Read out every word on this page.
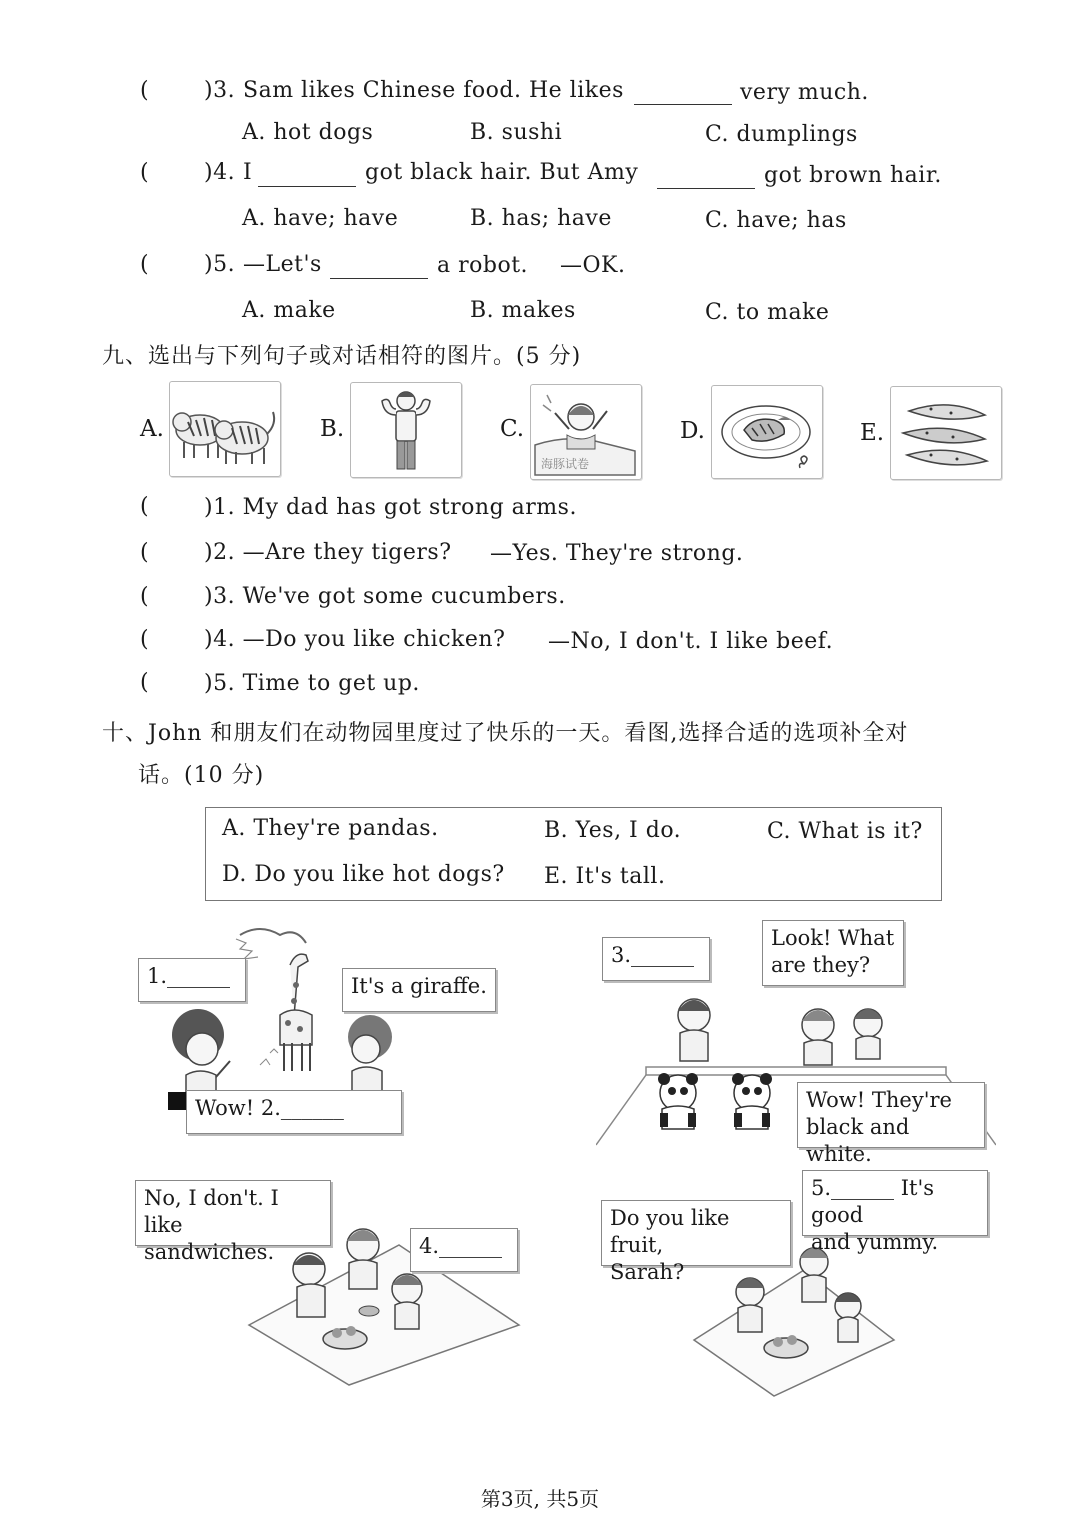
(	)3. Sam likes Chinese food. He likes	very much.
A. hot dogs	B. sushi	C. dumplings
(	)4. I	got black hair. But Amy	got brown hair.
A. have; have	B. has; have	C. have; has
(	)5. —Let's	a robot. —OK.
A. make	B. makes	C. to make
九、选出与下列句子或对话相符的图片。(5 分)
A.	B.	C.
海豚试卷
D.	E.
(	)1. My dad has got strong arms.
(	)2. —Are they tigers? —Yes. They're strong.
(	)3. We've got some cucumbers.
(	)4. —Do you like chicken? —No, I don't. I like beef.
(	)5. Time to get up.
十、John 和朋友们在动物园里度过了快乐的一天。看图,选择合适的选项补全对
话。(10 分)
A. They're pandas.	B. Yes, I do.	C. What is it?
D. Do you like hot dogs? E. It's tall.
1.______	It's a giraffe.
Wow! 2.______
3.______
Look! What
are they?
Wow! They're
black and white.
No, I don't. I like
sandwiches.	4.______
Do you like fruit,
Sarah?
5.______ It's good
and yummy.
第3页, 共5页
